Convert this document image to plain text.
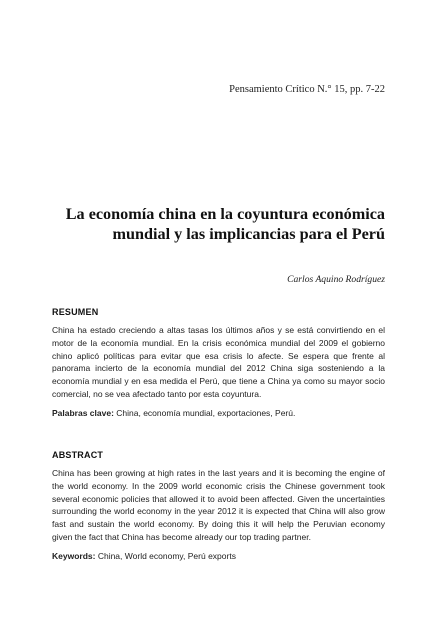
Pensamiento Crítico N.° 15, pp. 7-22
La economía china en la coyuntura económica mundial y las implicancias para el Perú
Carlos Aquino Rodríguez
RESUMEN
China ha estado creciendo a altas tasas los últimos años y se está convirtiendo en el motor de la economía mundial. En la crisis económica mundial del 2009 el gobierno chino aplicó políticas para evitar que esa crisis lo afecte. Se espera que frente al panorama incierto de la economía mundial del 2012 China siga sosteniendo a la economía mundial y en esa medida el Perú, que tiene a China ya como su mayor socio comercial, no se vea afectado tanto por esta coyuntura.
Palabras clave: China, economía mundial, exportaciones, Perú.
ABSTRACT
China has been growing at high rates in the last years and it is becoming the engine of the world economy. In the 2009 world economic crisis the Chinese government took several economic policies that allowed it to avoid been affected. Given the uncertainties surrounding the world economy in the year 2012 it is expected that China will also grow fast and sustain the world economy. By doing this it will help the Peruvian economy given the fact that China has become already our top trading partner.
Keywords: China, World economy, Perú exports
